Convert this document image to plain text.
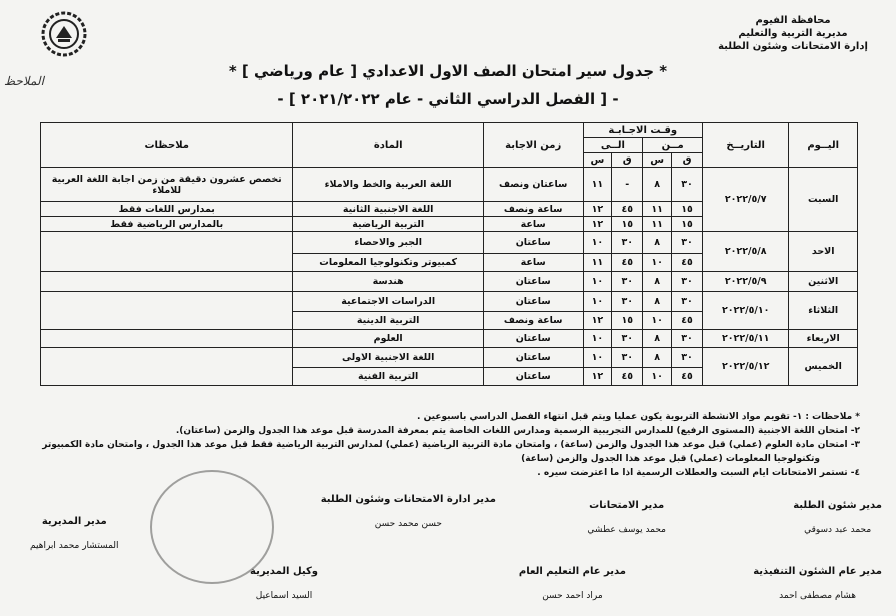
محافظة الفيوم
مديرية التربية والتعليم
إدارة الامتحانات وشئون الطلبة
الملاحظ
* جدول سير امتحان الصف الاول الاعدادي [ عام ورياضي ] *
- [ الفصل الدراسي الثاني - عام ٢٠٢١/٢٠٢٢ ] -
اليــوم	التاريــخ	وقـت الاجـابـة				زمن الاجابة	المادة	ملاحظات
		مــن		الــى				
		ق	س	ق	س			
السبت	٢٠٢٢/٥/٧	٣٠	٨	-	١١	ساعتان ونصف	اللغة العربية والخط والاملاء	تخصص عشرون دقيقة من زمن اجابة اللغة العربية للاملاء
		١٥	١١	٤٥	١٢	ساعة ونصف	اللغة الاجنبية الثانية	بمدارس اللغات فقط
		١٥	١١	١٥	١٢	ساعة	التربية الرياضية	بالمدارس الرياضية فقط
الاحد	٢٠٢٢/٥/٨	٣٠	٨	٣٠	١٠	ساعتان	الجبر والاحصاء	
		٤٥	١٠	٤٥	١١	ساعة	كمبيوتر وتكنولوجيا المعلومات	
الاثنين	٢٠٢٢/٥/٩	٣٠	٨	٣٠	١٠	ساعتان	هندسة	
الثلاثاء	٢٠٢٢/٥/١٠	٣٠	٨	٣٠	١٠	ساعتان	الدراسات الاجتماعية	
		٤٥	١٠	١٥	١٢	ساعة ونصف	التربية الدينية	
الاربعاء	٢٠٢٢/٥/١١	٣٠	٨	٣٠	١٠	ساعتان	العلوم	
الخميس	٢٠٢٢/٥/١٢	٣٠	٨	٣٠	١٠	ساعتان	اللغة الاجنبية الاولى	
		٤٥	١٠	٤٥	١٢	ساعتان	التربية الفنية	
* ملاحظات : ١- تقويم مواد الانشطة التربوية يكون عمليا ويتم قبل انتهاء الفصل الدراسي باسبوعين .
٢- امتحان اللغة الاجنبية (المستوى الرفيع) للمدارس التجريبية الرسمية ومدارس اللغات الخاصة يتم بمعرفة المدرسة قبل موعد هذا الجدول والزمن (ساعتان).
٣- امتحان مادة العلوم (عملي) قبل موعد هذا الجدول والزمن (ساعة) ، وامتحان مادة التربية الرياضية (عملي) لمدارس التربية الرياضية فقط قبل موعد هذا الجدول ، وامتحان مادة الكمبيوتر
وتكنولوجيا المعلومات (عملي) قبل موعد هذا الجدول والزمن (ساعة)
٤- تستمر الامتحانات ايام السبت والعطلات الرسمية اذا ما اعترضت سيره .
مدير شئون الطلبة
محمد عبد دسوقي
مدير الامتحانات
محمد يوسف عطشي
مدير ادارة الامتحانات وشئون الطلبة
حسن محمد حسن
مدير المديرية
المستشار محمد ابراهيم
مدير عام الشئون التنفيذية
هشام مصطفى احمد
مدير عام التعليم العام
مراد احمد حسن
وكيل المديرية
السيد اسماعيل
